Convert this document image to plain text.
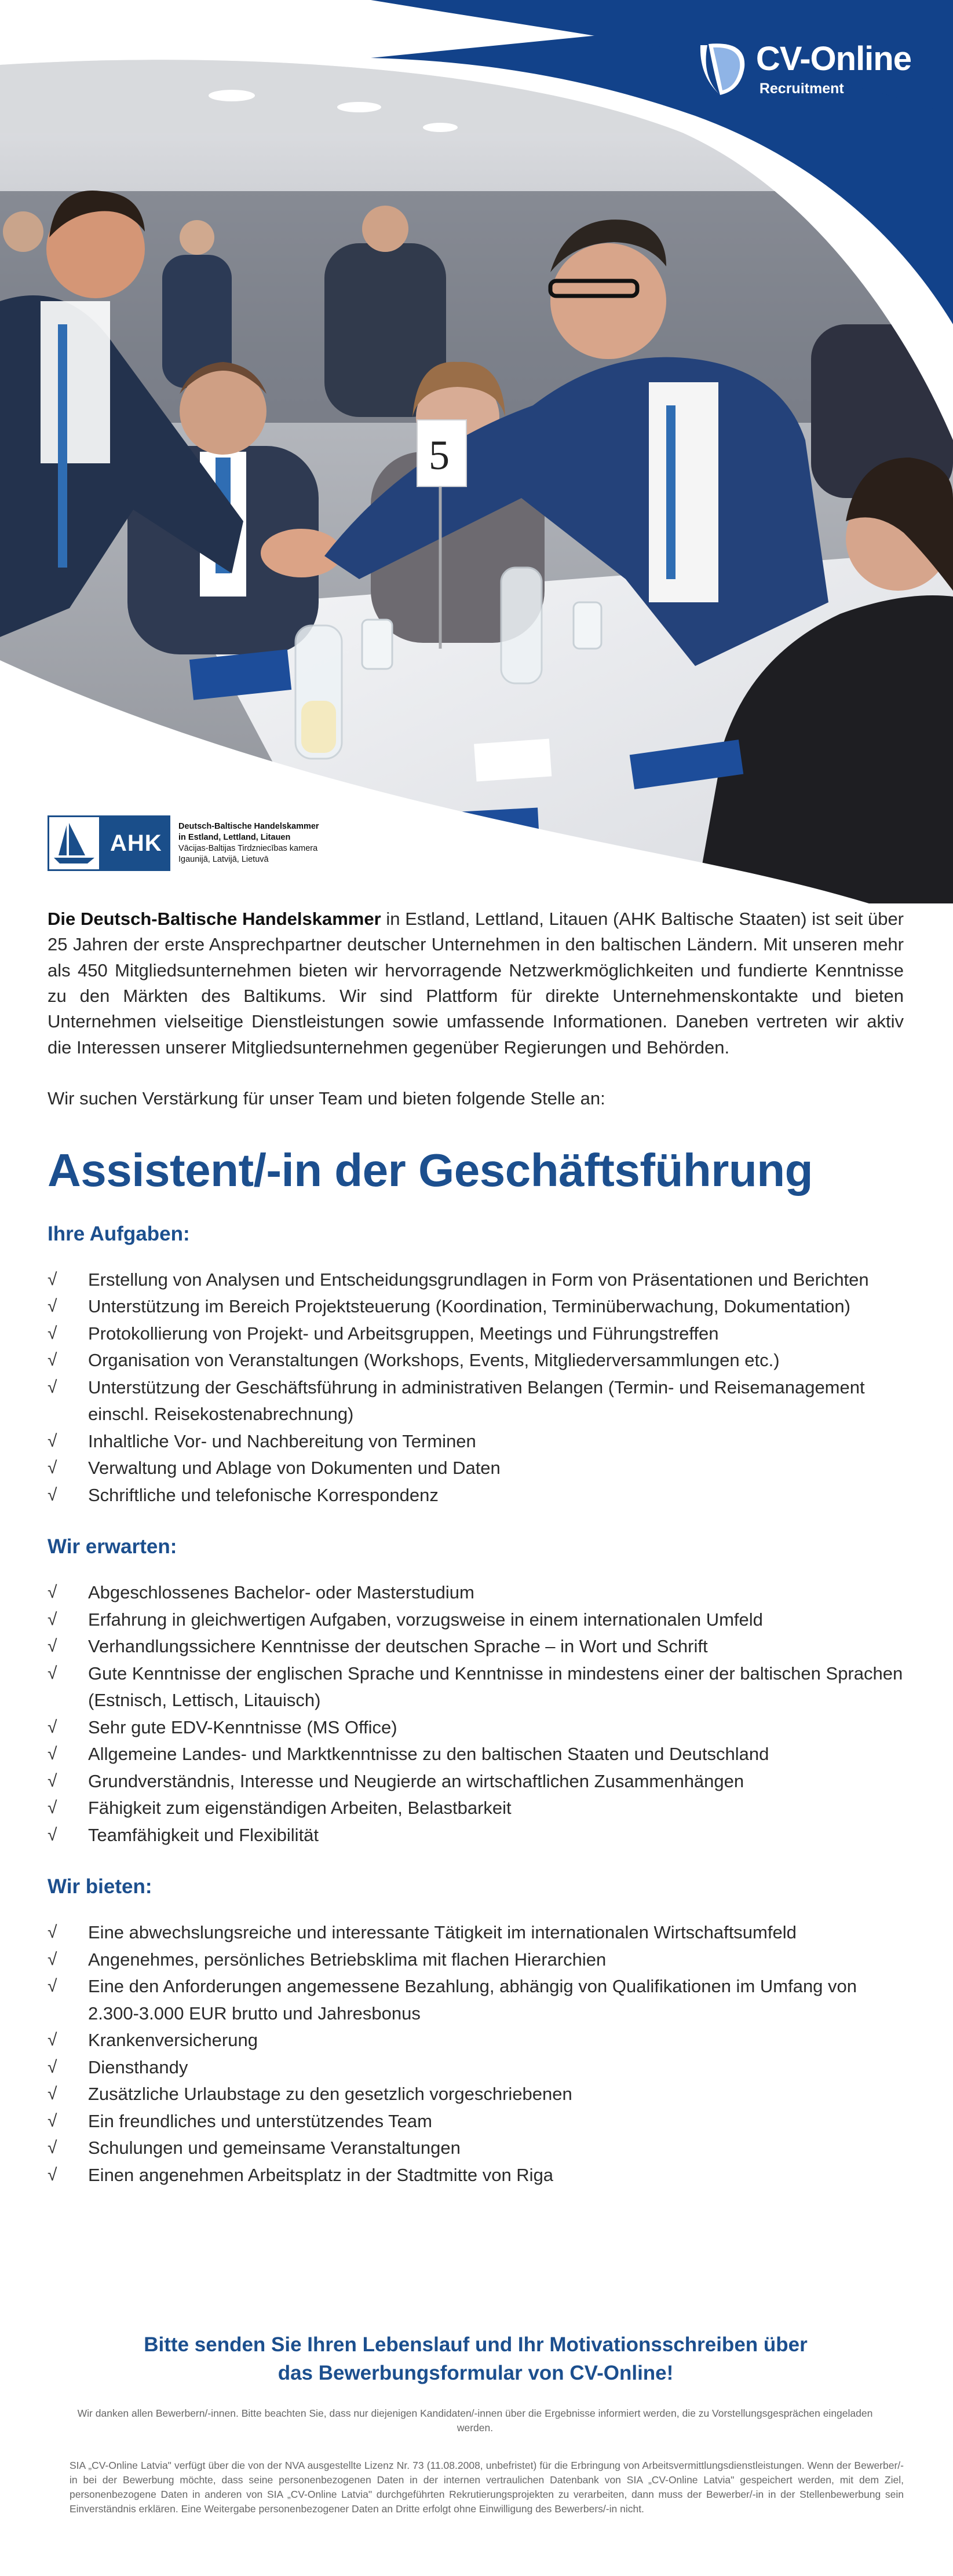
5
CV-Online
Recruitment
AHK
Deutsch-Baltische Handelskammer
in Estland, Lettland, Litauen
Vācijas-Baltijas Tirdzniecības kamera
Igaunijā, Latvijā, Lietuvā

Die Deutsch-Baltische Handelskammer in Estland, Lettland, Litauen (AHK Baltische Staaten) ist seit über 25 Jahren der erste Ansprechpartner deutscher Unternehmen in den baltischen Ländern. Mit unseren mehr als 450 Mitgliedsunternehmen bieten wir hervorragende Netzwerkmöglichkeiten und fundierte Kenntnisse zu den Märkten des Baltikums. Wir sind Plattform für direkte Unternehmenskontakte und bieten Unternehmen vielseitige Dienstleistungen sowie umfassende Informationen. Daneben vertreten wir aktiv die Interessen unserer Mitgliedsunternehmen gegenüber Regierungen und Behörden.

Wir suchen Verstärkung für unser Team und bieten folgende Stelle an:

Assistent/-in der Geschäftsführung
Ihre Aufgaben:
√ Erstellung von Analysen und Entscheidungsgrundlagen in Form von Präsentationen und Berichten
√ Unterstützung im Bereich Projektsteuerung (Koordination, Terminüberwachung, Dokumentation)
√ Protokollierung von Projekt- und Arbeitsgruppen, Meetings und Führungstreffen
√ Organisation von Veranstaltungen (Workshops, Events, Mitgliederversammlungen etc.)
√ Unterstützung der Geschäftsführung in administrativen Belangen (Termin- und Reisemanagement einschl. Reisekostenabrechnung)
√ Inhaltliche Vor- und Nachbereitung von Terminen
√ Verwaltung und Ablage von Dokumenten und Daten
√ Schriftliche und telefonische Korrespondenz
Wir erwarten:
√ Abgeschlossenes Bachelor- oder Masterstudium
√ Erfahrung in gleichwertigen Aufgaben, vorzugsweise in einem internationalen Umfeld
√ Verhandlungssichere Kenntnisse der deutschen Sprache – in Wort und Schrift
√ Gute Kenntnisse der englischen Sprache und Kenntnisse in mindestens einer der baltischen Sprachen (Estnisch, Lettisch, Litauisch)
√ Sehr gute EDV-Kenntnisse (MS Office)
√ Allgemeine Landes- und Marktkenntnisse zu den baltischen Staaten und Deutschland
√ Grundverständnis, Interesse und Neugierde an wirtschaftlichen Zusammenhängen
√ Fähigkeit zum eigenständigen Arbeiten, Belastbarkeit
√ Teamfähigkeit und Flexibilität
Wir bieten:
√ Eine abwechslungsreiche und interessante Tätigkeit im internationalen Wirtschaftsumfeld
√ Angenehmes, persönliches Betriebsklima mit flachen Hierarchien
√ Eine den Anforderungen angemessene Bezahlung, abhängig von Qualifikationen im Umfang von 2.300-3.000 EUR brutto und Jahresbonus
√ Krankenversicherung
√ Diensthandy
√ Zusätzliche Urlaubstage zu den gesetzlich vorgeschriebenen
√ Ein freundliches und unterstützendes Team
√ Schulungen und gemeinsame Veranstaltungen
√ Einen angenehmen Arbeitsplatz in der Stadtmitte von Riga
Bitte senden Sie Ihren Lebenslauf und Ihr Motivationsschreiben über
das Bewerbungsformular von CV-Online!

Wir danken allen Bewerbern/-innen. Bitte beachten Sie, dass nur diejenigen Kandidaten/-innen über die Ergebnisse informiert werden, die zu Vorstellungsgesprächen eingeladen werden.

SIA „CV-Online Latvia" verfügt über die von der NVA ausgestellte Lizenz Nr. 73 (11.08.2008, unbefristet) für die Erbringung von Arbeitsvermittlungsdienstleistungen. Wenn der Bewerber/-in bei der Bewerbung möchte, dass seine personenbezogenen Daten in der internen vertraulichen Datenbank von SIA „CV-Online Latvia" gespeichert werden, mit dem Ziel, personenbezogene Daten in anderen von SIA „CV-Online Latvia" durchgeführten Rekrutierungsprojekten zu verarbeiten, dann muss der Bewerber/-in in der Stellenbewerbung sein Einverständnis erklären. Eine Weitergabe personenbezogener Daten an Dritte erfolgt ohne Einwilligung des Bewerbers/-in nicht.
